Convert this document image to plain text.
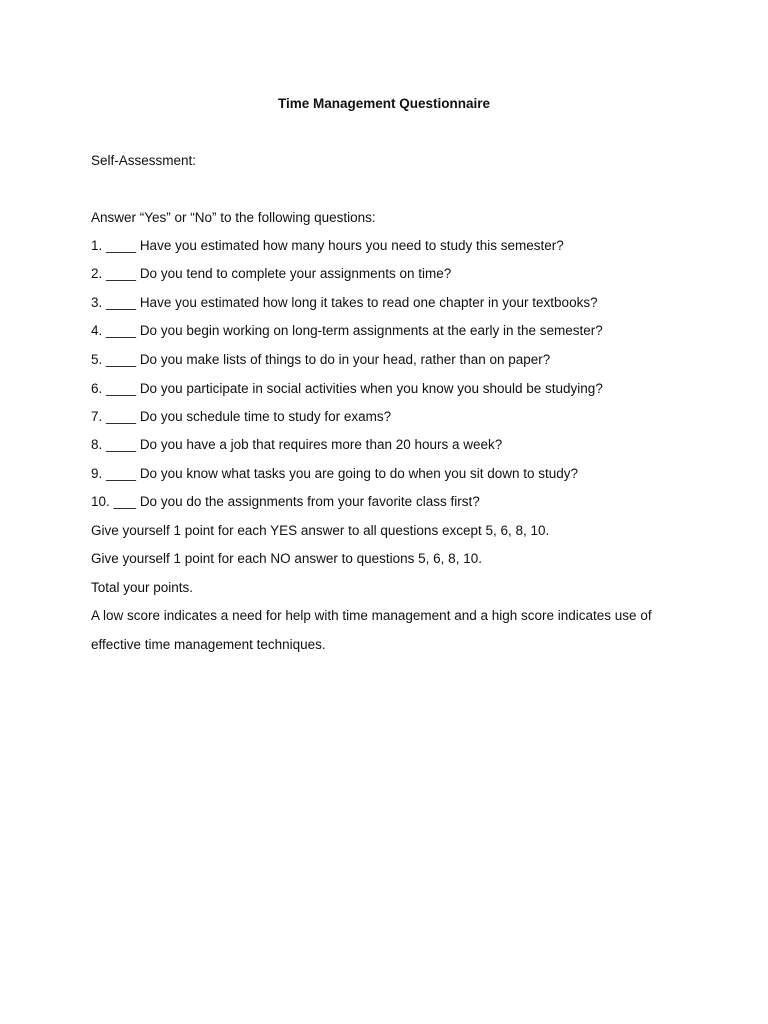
Time Management Questionnaire
Self-Assessment:
Answer “Yes” or “No” to the following questions:
1. ____ Have you estimated how many hours you need to study this semester?
2. ____ Do you tend to complete your assignments on time?
3. ____ Have you estimated how long it takes to read one chapter in your textbooks?
4. ____ Do you begin working on long-term assignments at the early in the semester?
5. ____ Do you make lists of things to do in your head, rather than on paper?
6. ____ Do you participate in social activities when you know you should be studying?
7. ____ Do you schedule time to study for exams?
8. ____ Do you have a job that requires more than 20 hours a week?
9. ____ Do you know what tasks you are going to do when you sit down to study?
10. ___ Do you do the assignments from your favorite class first?
Give yourself 1 point for each YES answer to all questions except 5, 6, 8, 10.
Give yourself 1 point for each NO answer to questions 5, 6, 8, 10.
Total your points.
A low score indicates a need for help with time management and a high score indicates use of
effective time management techniques.
